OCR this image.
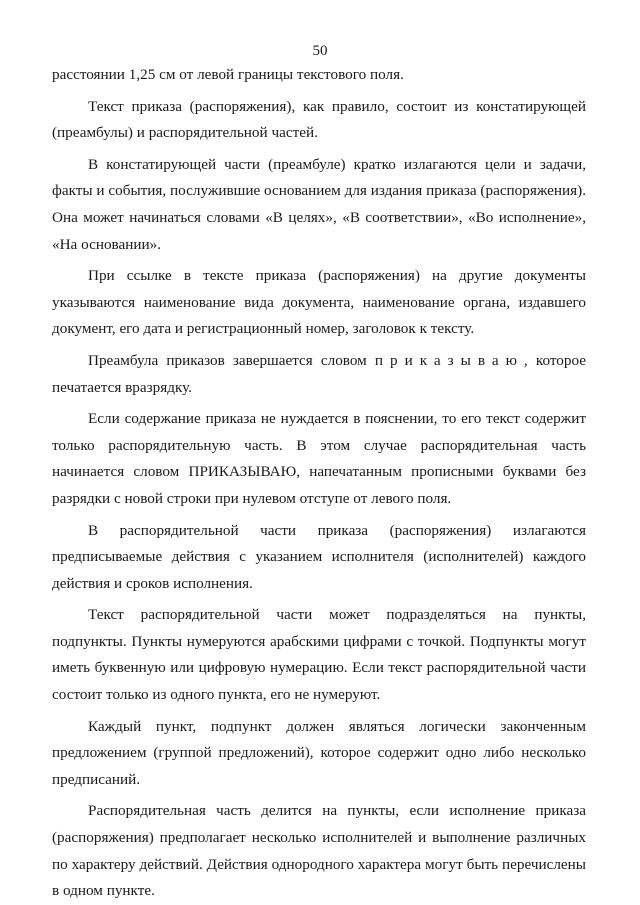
50

расстоянии 1,25 см от левой границы текстового поля.

Текст приказа (распоряжения), как правило, состоит из констатирующей (преамбулы) и распорядительной частей.

В констатирующей части (преамбуле) кратко излагаются цели и задачи, факты и события, послужившие основанием для издания приказа (распоряжения). Она может начинаться словами «В целях», «В соответствии», «Во исполнение», «На основании».

При ссылке в тексте приказа (распоряжения) на другие документы указываются наименование вида документа, наименование органа, издавшего документ, его дата и регистрационный номер, заголовок к тексту.

Преамбула приказов завершается словом приказываю, которое печатается вразрядку.

Если содержание приказа не нуждается в пояснении, то его текст содержит только распорядительную часть. В этом случае распорядительная часть начинается словом ПРИКАЗЫВАЮ, напечатанным прописными буквами без разрядки с новой строки при нулевом отступе от левого поля.

В распорядительной части приказа (распоряжения) излагаются предписываемые действия с указанием исполнителя (исполнителей) каждого действия и сроков исполнения.

Текст распорядительной части может подразделяться на пункты, подпункты. Пункты нумеруются арабскими цифрами с точкой. Подпункты могут иметь буквенную или цифровую нумерацию. Если текст распорядительной части состоит только из одного пункта, его не нумеруют.

Каждый пункт, подпункт должен являться логически законченным предложением (группой предложений), которое содержит одно либо несколько предписаний.

Распорядительная часть делится на пункты, если исполнение приказа (распоряжения) предполагает несколько исполнителей и выполнение различных по характеру действий. Действия однородного характера могут быть перечислены в одном пункте.
